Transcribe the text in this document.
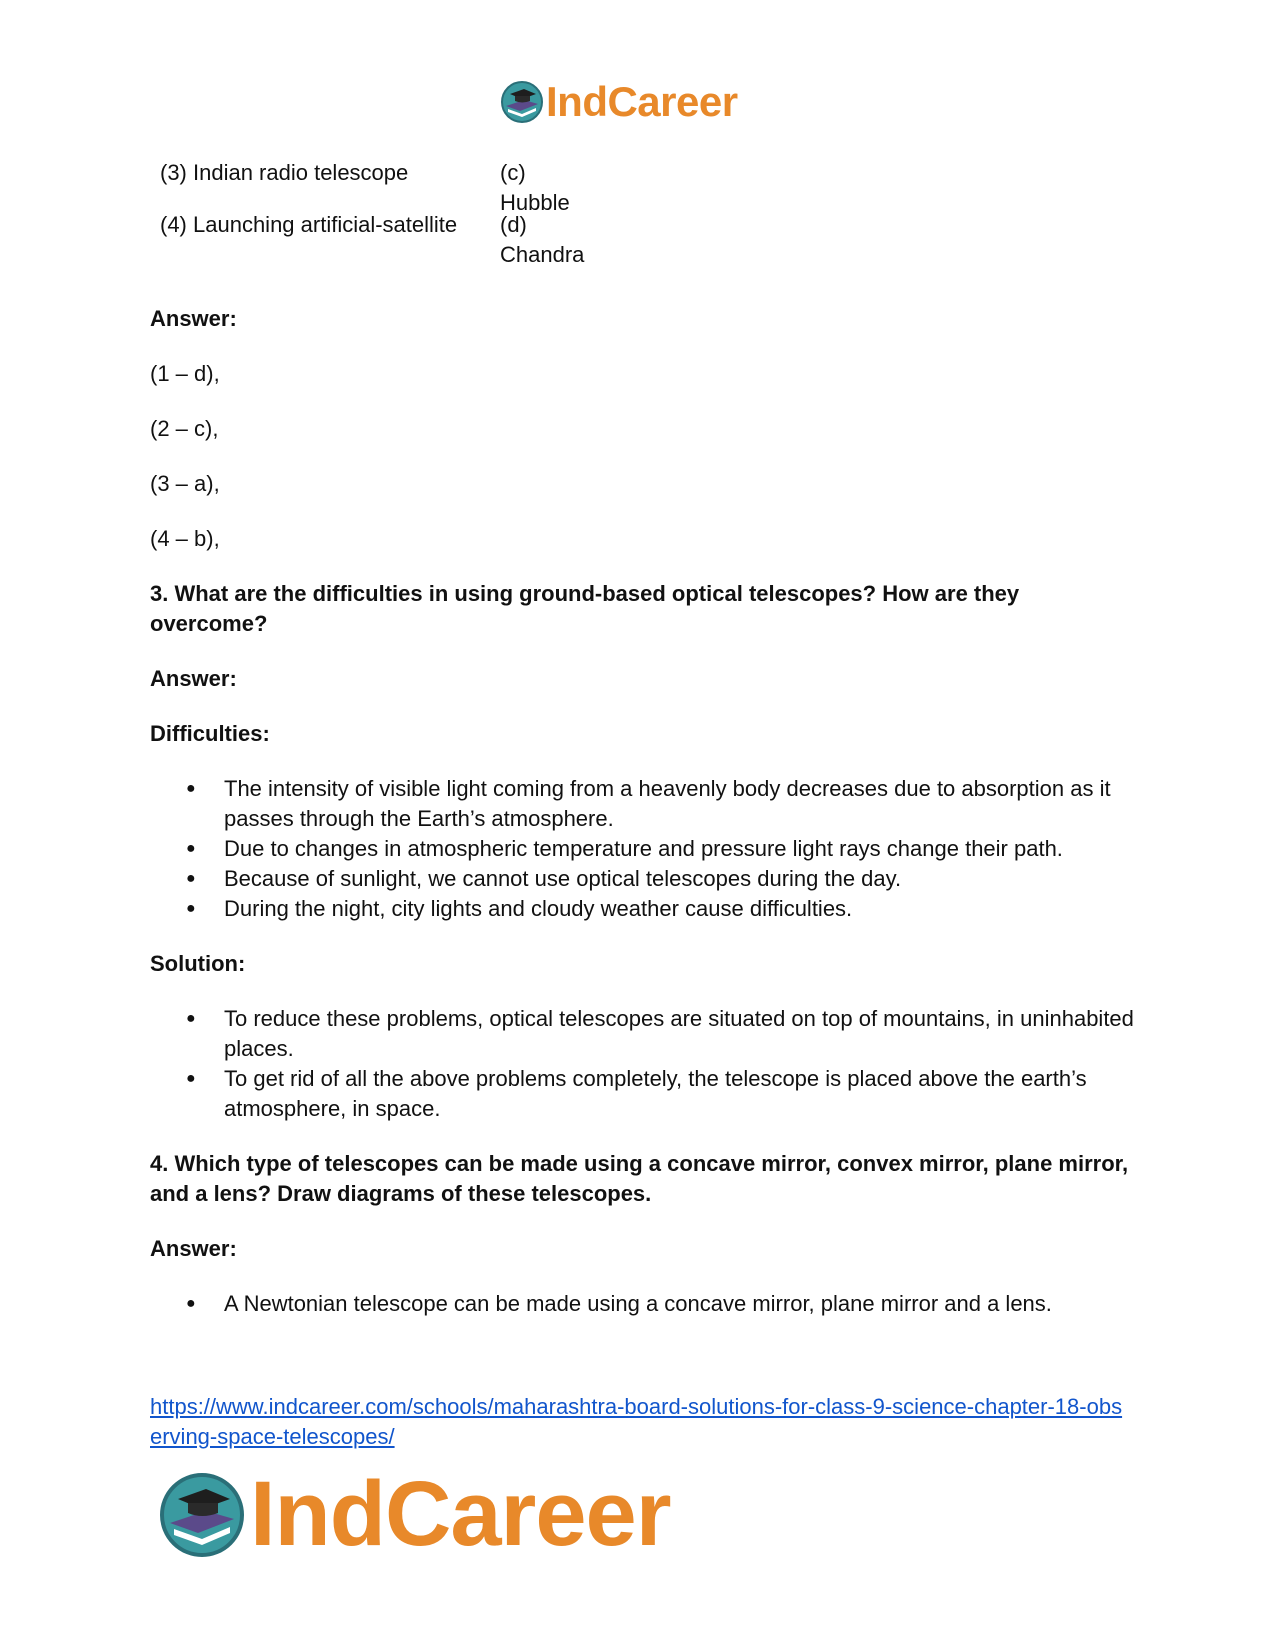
IndCareer
(3) Indian radio telescope	(c) Hubble
(4) Launching artificial-satellite	(d)
Chandra

Answer:

(1 – d),

(2 – c),

(3 – a),

(4 – b),

3. What are the difficulties in using ground-based optical telescopes? How are they overcome?

Answer:

Difficulties:

● The intensity of visible light coming from a heavenly body decreases due to absorption as it passes through the Earth’s atmosphere.
● Due to changes in atmospheric temperature and pressure light rays change their path.
● Because of sunlight, we cannot use optical telescopes during the day.
● During the night, city lights and cloudy weather cause difficulties.

Solution:

● To reduce these problems, optical telescopes are situated on top of mountains, in uninhabited places.
● To get rid of all the above problems completely, the telescope is placed above the earth’s atmosphere, in space.

4. Which type of telescopes can be made using a concave mirror, convex mirror, plane mirror, and a lens? Draw diagrams of these telescopes.

Answer:

● A Newtonian telescope can be made using a concave mirror, plane mirror and a lens.
https://www.indcareer.com/schools/maharashtra-board-solutions-for-class-9-science-chapter-18-observing-space-telescopes/
IndCareer
